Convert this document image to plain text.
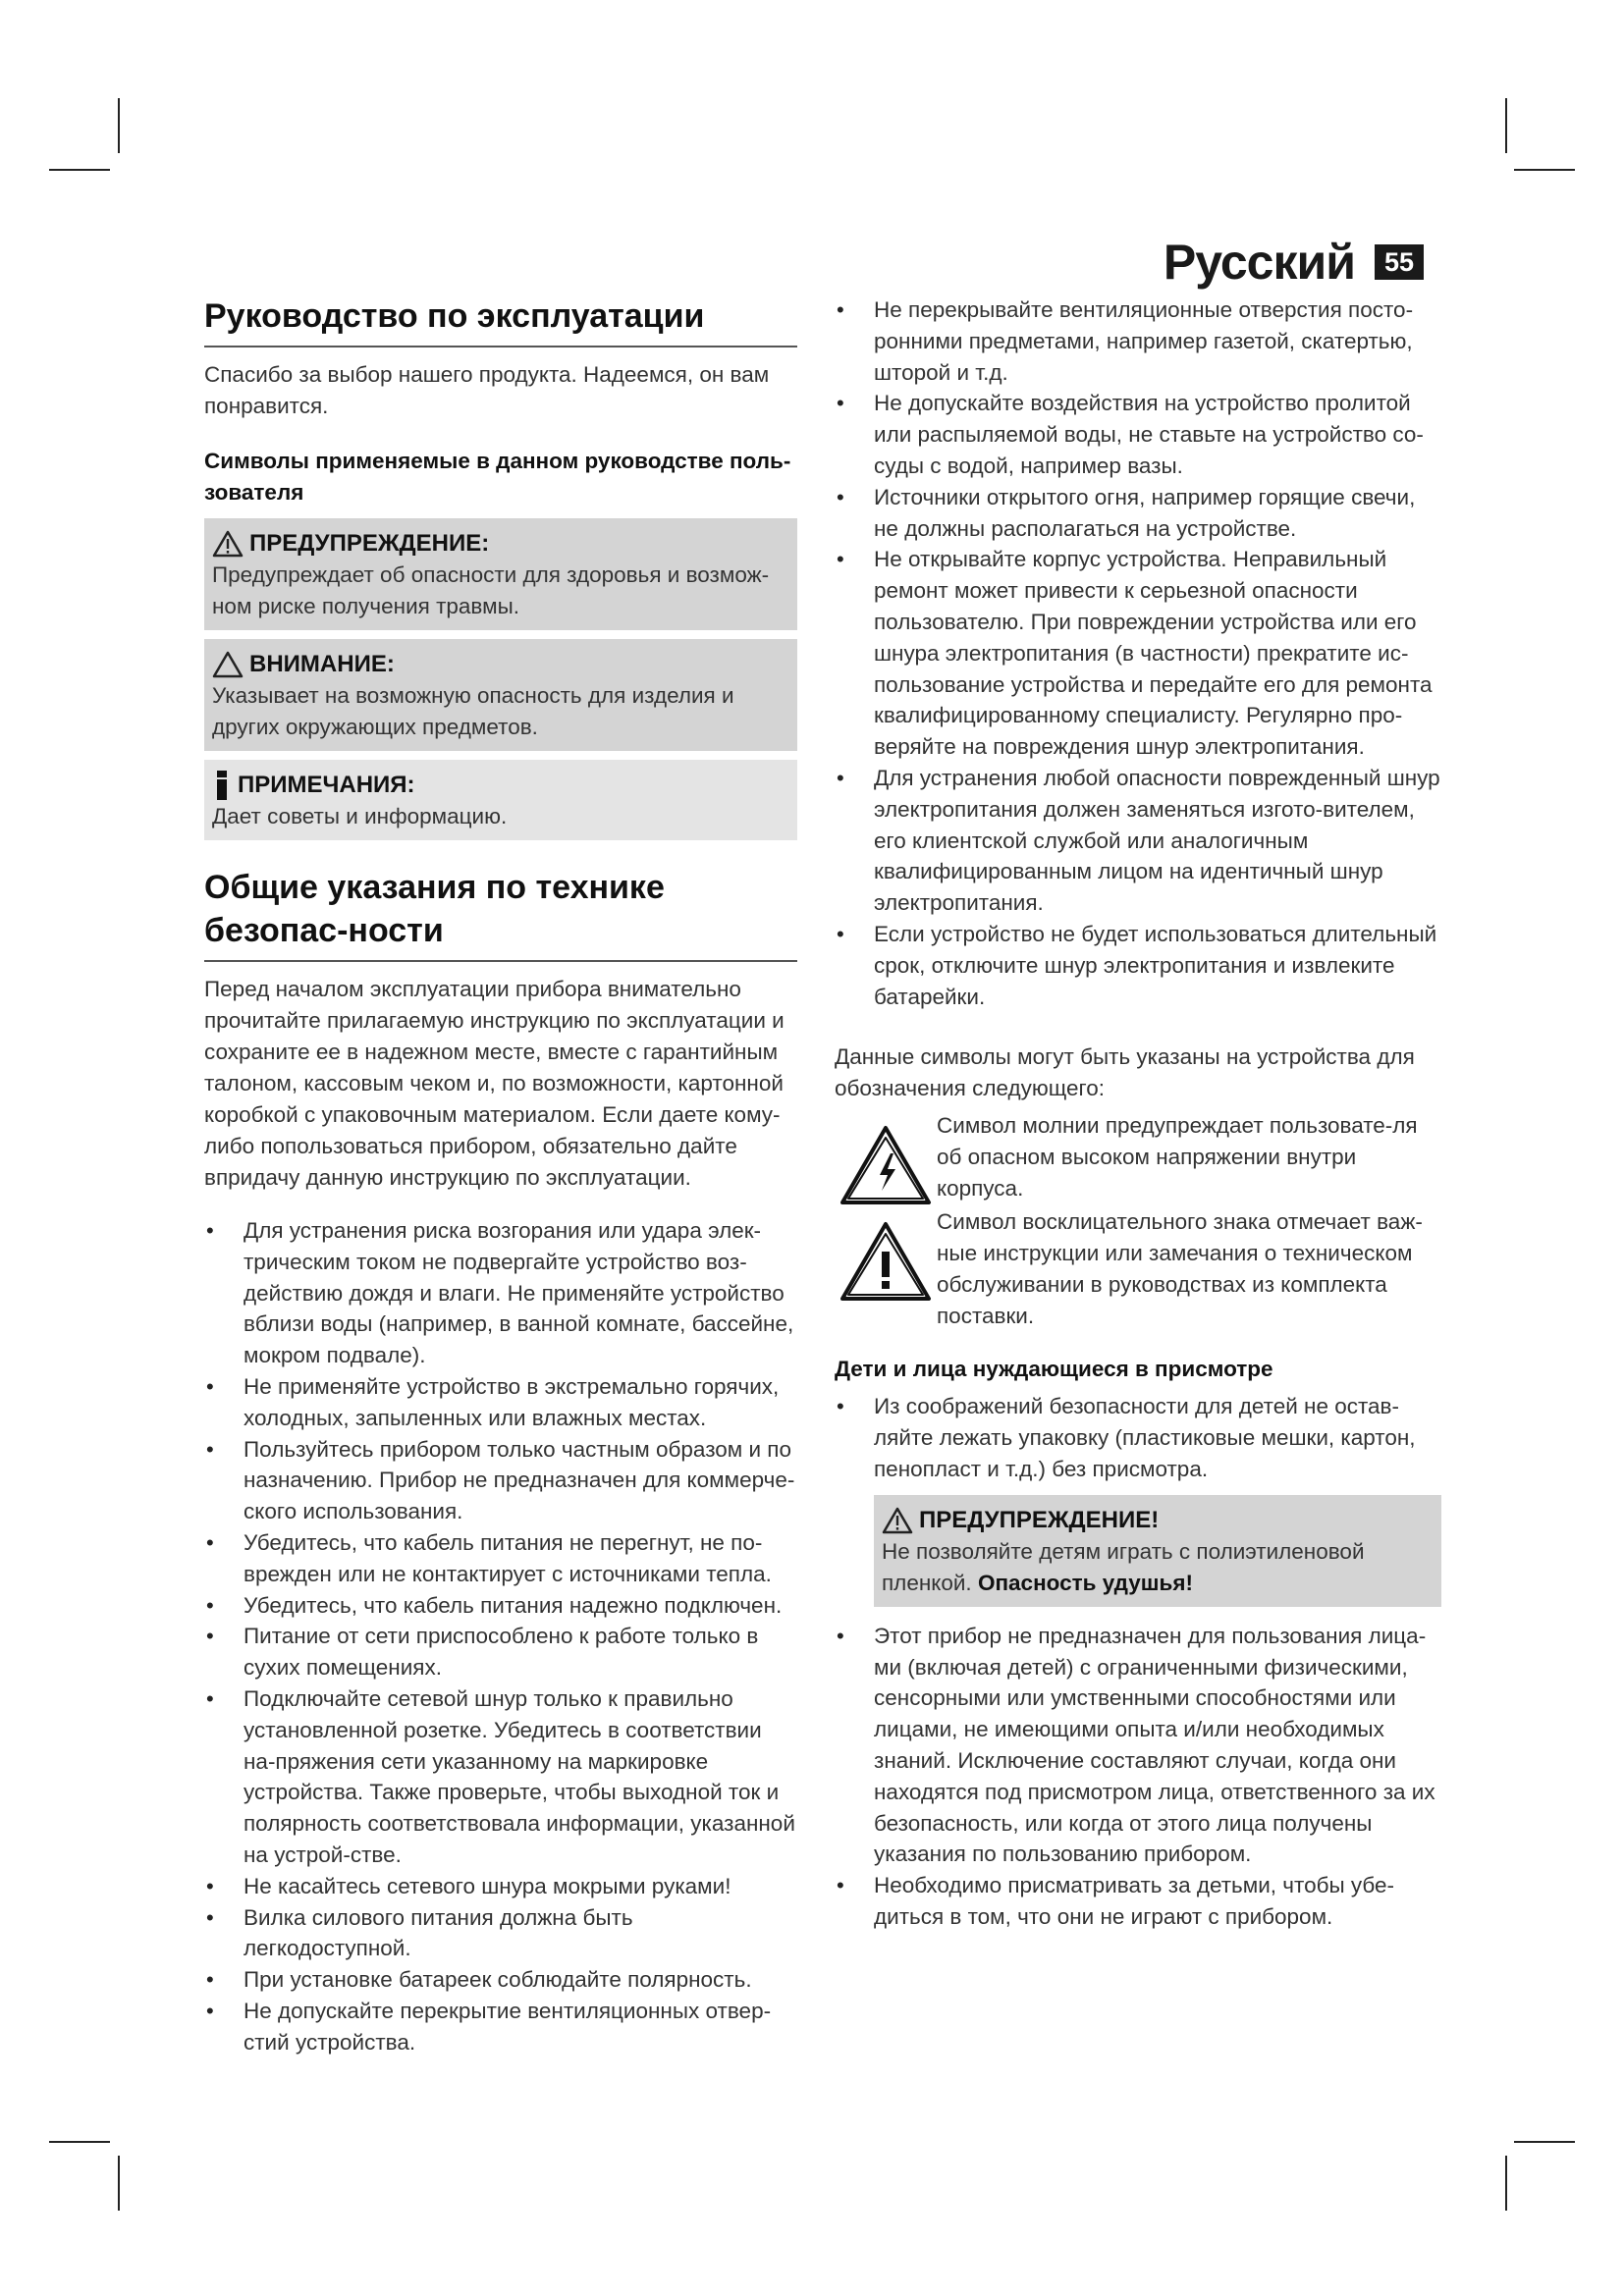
Русский	55
Руководство по эксплуатации

Спасибо за выбор нашего продукта. Надеемся, он вам понравится.

Символы применяемые в данном руководстве поль-зователя

ПРЕДУПРЕЖДЕНИЕ:
Предупреждает об опасности для здоровья и возмож-ном риске получения травмы.
ВНИМАНИЕ:
Указывает на возможную опасность для изделия и других окружающих предметов.
ПРИМЕЧАНИЯ:
Дает советы и информацию.
Общие указания по технике безопас-ности

Перед началом эксплуатации прибора внимательно прочитайте прилагаемую инструкцию по эксплуатации и сохраните ее в надежном месте, вместе с гарантийным талоном, кассовым чеком и, по возможности, картонной коробкой с упаковочным материалом. Если даете кому-либо попользоваться прибором, обязательно дайте впридачу данную инструкцию по эксплуатации.

• Для устранения риска возгорания или удара элек-трическим током не подвергайте устройство воз-действию дождя и влаги. Не применяйте устройство вблизи воды (например, в ванной комнате, бассейне, мокром подвале).
• Не применяйте устройство в экстремально горячих, холодных, запыленных или влажных местах.
• Пользуйтесь прибором только частным образом и по назначению. Прибор не предназначен для коммерче-ского использования.
• Убедитесь, что кабель питания не перегнут, не по-врежден или не контактирует с источниками тепла.
• Убедитесь, что кабель питания надежно подключен.
• Питание от сети приспособлено к работе только в сухих помещениях.
• Подключайте сетевой шнур только к правильно установленной розетке. Убедитесь в соответствии на-пряжения сети указанному на маркировке устройства. Также проверьте, чтобы выходной ток и полярность соответствовала информации, указанной на устрой-стве.
• Не касайтесь сетевого шнура мокрыми руками!
• Вилка силового питания должна быть легкодоступной.
• При установке батареек соблюдайте полярность.
• Не допускайте перекрытие вентиляционных отвер-стий устройства.
• Не перекрывайте вентиляционные отверстия посто-ронними предметами, например газетой, скатертью, шторой и т.д.
• Не допускайте воздействия на устройство пролитой или распыляемой воды, не ставьте на устройство со-суды с водой, например вазы.
• Источники открытого огня, например горящие свечи, не должны располагаться на устройстве.
• Не открывайте корпус устройства. Неправильный ремонт может привести к серьезной опасности пользователю. При повреждении устройства или его шнура электропитания (в частности) прекратите ис-пользование устройства и передайте его для ремонта квалифицированному специалисту. Регулярно про-веряйте на повреждения шнур электропитания.
• Для устранения любой опасности поврежденный шнур электропитания должен заменяться изгото-вителем, его клиентской службой или аналогичным квалифицированным лицом на идентичный шнур электропитания.
• Если устройство не будет использоваться длительный срок, отключите шнур электропитания и извлеките батарейки.

Данные символы могут быть указаны на устройства для обозначения следующего:

Символ молнии предупреждает пользовате-ля об опасном высоком напряжении внутри корпуса.
Символ восклицательного знака отмечает важ-ные инструкции или замечания о техническом обслуживании в руководствах из комплекта поставки.

Дети и лица нуждающиеся в присмотре

• Из соображений безопасности для детей не остав-ляйте лежать упаковку (пластиковые мешки, картон, пенопласт и т.д.) без присмотра.
ПРЕДУПРЕЖДЕНИЕ!
Не позволяйте детям играть с полиэтиленовой пленкой. Опасность удушья!
• Этот прибор не предназначен для пользования лица-ми (включая детей) с ограниченными физическими, сенсорными или умственными способностями или лицами, не имеющими опыта и/или необходимых знаний. Исключение составляют случаи, когда они находятся под присмотром лица, ответственного за их безопасность, или когда от этого лица получены указания по пользованию прибором.
• Необходимо присматривать за детьми, чтобы убе-диться в том, что они не играют с прибором.
